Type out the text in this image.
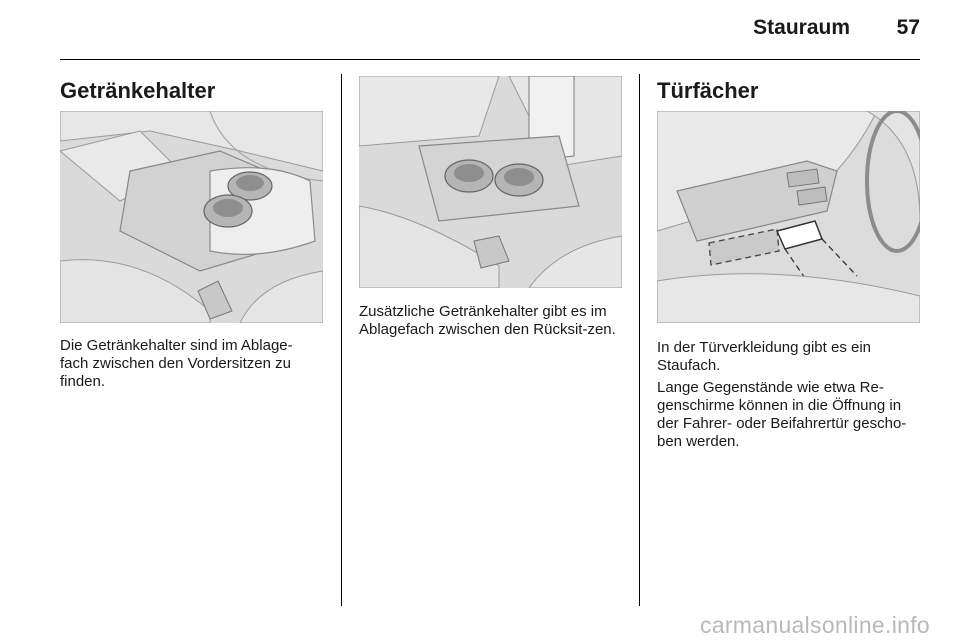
Stauraum	57
Getränkehalter

Die Getränkehalter sind im Ablage-fach zwischen den Vordersitzen zu finden.

Zusätzliche Getränkehalter gibt es im Ablagefach zwischen den Rücksit-zen.

Türfächer

In der Türverkleidung gibt es ein Staufach.

Lange Gegenstände wie etwa Re-genschirme können in die Öffnung in der Fahrer- oder Beifahrertür gescho-ben werden.

carmanualsonline.info
